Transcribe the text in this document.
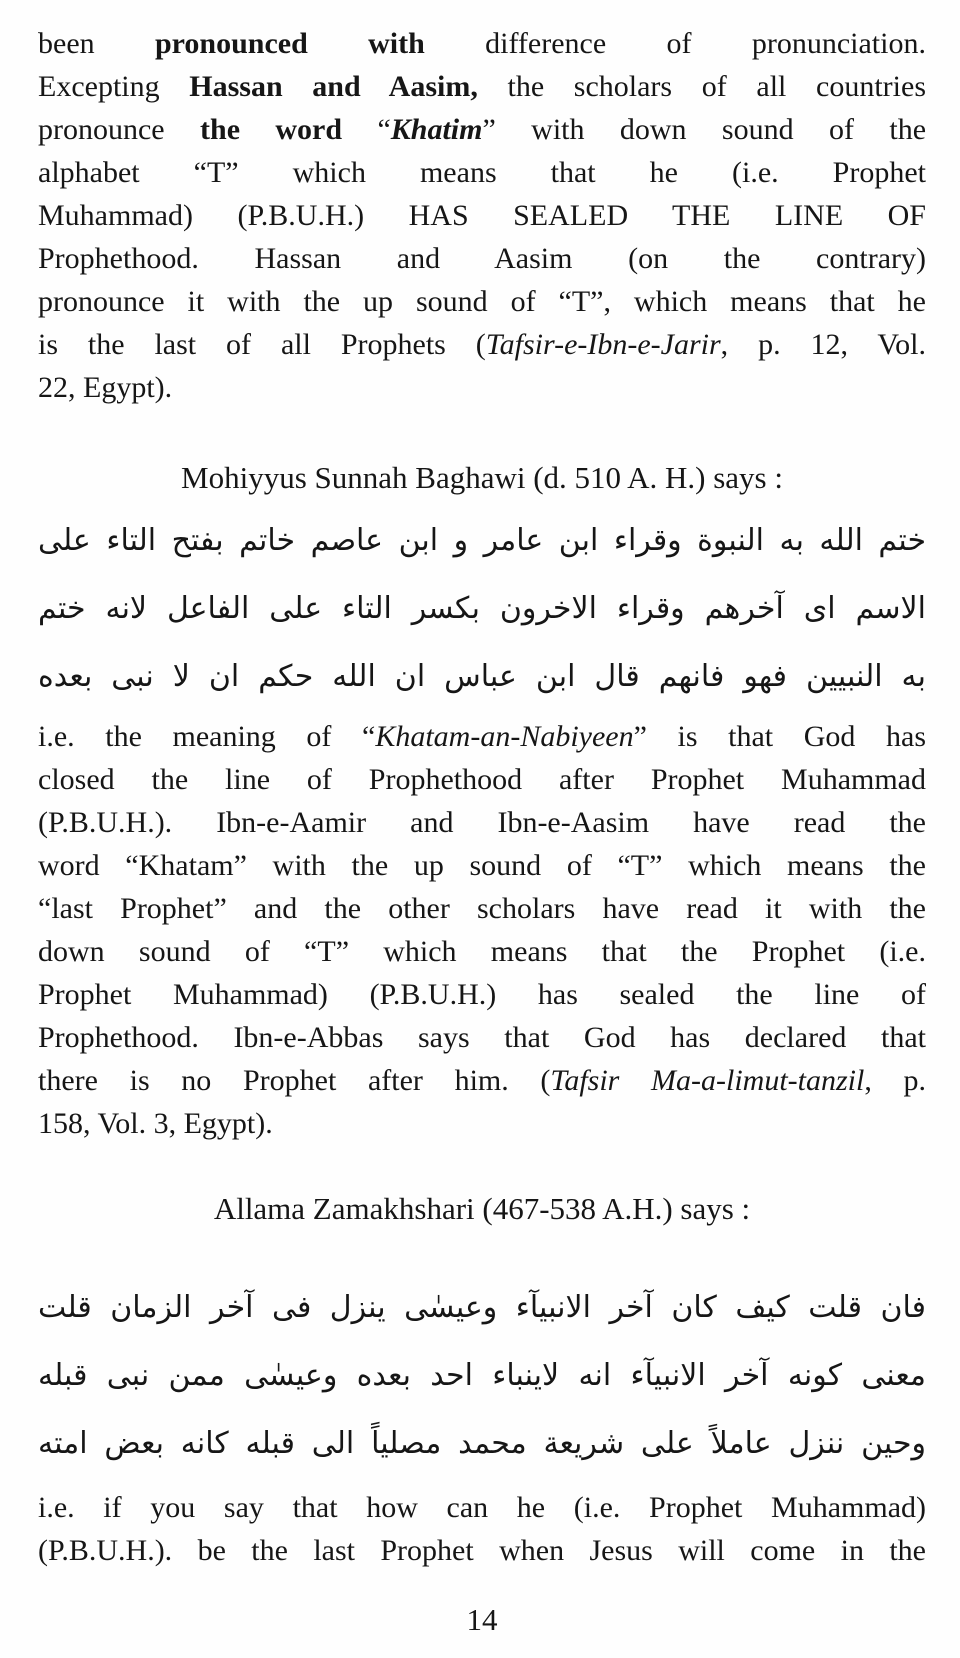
been pronounced with difference of pronunciation.
Excepting Hassan and Aasim, the scholars of all countries
pronounce the word “Khatim” with down sound of the
alphabet “T” which means that he (i.e. Prophet
Muhammad) (P.B.U.H.) HAS SEALED THE LINE OF
Prophethood. Hassan and Aasim (on the contrary)
pronounce it with the up sound of “T”, which means that he
is the last of all Prophets (Tafsir-e-Ibn-e-Jarir, p. 12, Vol.
22, Egypt).
Mohiyyus Sunnah Baghawi (d. 510 A. H.) says :
ختم الله به النبوة وقراء ابن عامر و ابن عاصم خاتم بفتح التاء على
الاسم اى آخرهم وقراء الاخرون بكسر التاء على الفاعل لانه ختم
به النبيين فهو فانهم قال ابن عباس ان الله حكم ان لا نبى بعده
i.e. the meaning of “Khatam-an-Nabiyeen” is that God has
closed the line of Prophethood after Prophet Muhammad
(P.B.U.H.). Ibn-e-Aamir and Ibn-e-Aasim have read the
word “Khatam” with the up sound of “T” which means the
“last Prophet” and the other scholars have read it with the
down sound of “T” which means that the Prophet (i.e.
Prophet Muhammad) (P.B.U.H.) has sealed the line of
Prophethood. Ibn-e-Abbas says that God has declared that
there is no Prophet after him. (Tafsir Ma-a-limut-tanzil, p.
158, Vol. 3, Egypt).
Allama Zamakhshari (467-538 A.H.) says :
فان قلت كيف كان آخر الانبيآء وعيسٰى ينزل فى آخر الزمان قلت
معنى كونه آخر الانبيآء انه لاينباء احد بعده وعيسٰى ممن نبى قبله
وحين ننزل عاملاً على شريعة محمد مصلياً الى قبله كانه بعض امته
i.e. if you say that how can he (i.e. Prophet Muhammad)
(P.B.U.H.). be the last Prophet when Jesus will come in the
14
